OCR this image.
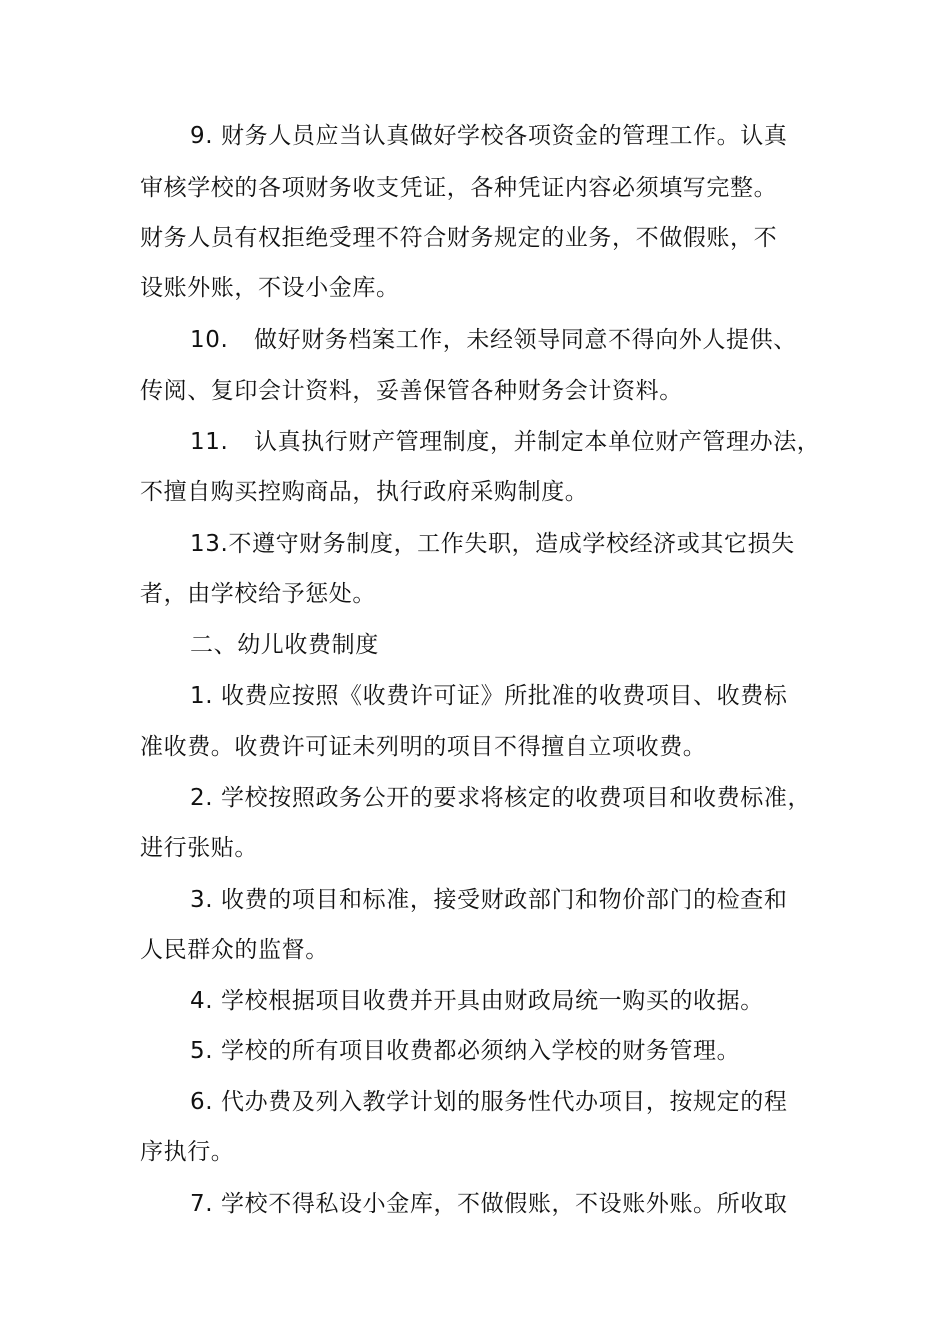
9. 财务人员应当认真做好学校各项资金的管理工作。认真
审核学校的各项财务收支凭证，各种凭证内容必须填写完整。
财务人员有权拒绝受理不符合财务规定的业务，不做假账，不
设账外账，不设小金库。
10. 做好财务档案工作，未经领导同意不得向外人提供、
传阅、复印会计资料，妥善保管各种财务会计资料。
11. 认真执行财产管理制度，并制定本单位财产管理办法，
不擅自购买控购商品，执行政府采购制度。
13.不遵守财务制度，工作失职，造成学校经济或其它损失
者，由学校给予惩处。
二、幼儿收费制度
1. 收费应按照《收费许可证》所批准的收费项目、收费标
准收费。收费许可证未列明的项目不得擅自立项收费。
2. 学校按照政务公开的要求将核定的收费项目和收费标准，
进行张贴。
3. 收费的项目和标准，接受财政部门和物价部门的检查和
人民群众的监督。
4. 学校根据项目收费并开具由财政局统一购买的收据。
5. 学校的所有项目收费都必须纳入学校的财务管理。
6. 代办费及列入教学计划的服务性代办项目，按规定的程
序执行。
7. 学校不得私设小金库，不做假账，不设账外账。所收取
